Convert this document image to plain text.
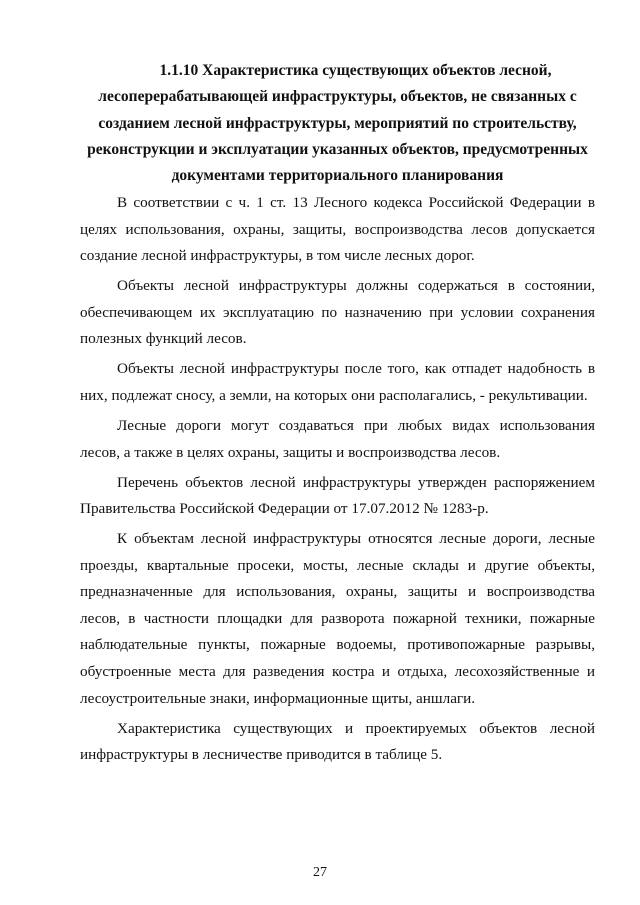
1.1.10 Характеристика существующих объектов лесной,
лесоперерабатывающей инфраструктуры, объектов, не связанных с
созданием лесной инфраструктуры, мероприятий по строительству,
реконструкции и эксплуатации указанных объектов, предусмотренных
документами территориального планирования

В соответствии с ч. 1 ст. 13 Лесного кодекса Российской Федерации в целях использования, охраны, защиты, воспроизводства лесов допускается создание лесной инфраструктуры, в том числе лесных дорог.

Объекты лесной инфраструктуры должны содержаться в состоянии, обеспечивающем их эксплуатацию по назначению при условии сохранения полезных функций лесов.

Объекты лесной инфраструктуры после того, как отпадет надобность в них, подлежат сносу, а земли, на которых они располагались, - рекультивации.

Лесные дороги могут создаваться при любых видах использования лесов, а также в целях охраны, защиты и воспроизводства лесов.

Перечень объектов лесной инфраструктуры утвержден распоряжением Правительства Российской Федерации от 17.07.2012 № 1283-р.

К объектам лесной инфраструктуры относятся лесные дороги, лесные проезды, квартальные просеки, мосты, лесные склады и другие объекты, предназначенные для использования, охраны, защиты и воспроизводства лесов, в частности площадки для разворота пожарной техники, пожарные наблюдательные пункты, пожарные водоемы, противопожарные разрывы, обустроенные места для разведения костра и отдыха, лесохозяйственные и лесоустроительные знаки, информационные щиты, аншлаги.

Характеристика существующих и проектируемых объектов лесной инфраструктуры в лесничестве приводится в таблице 5.

27
